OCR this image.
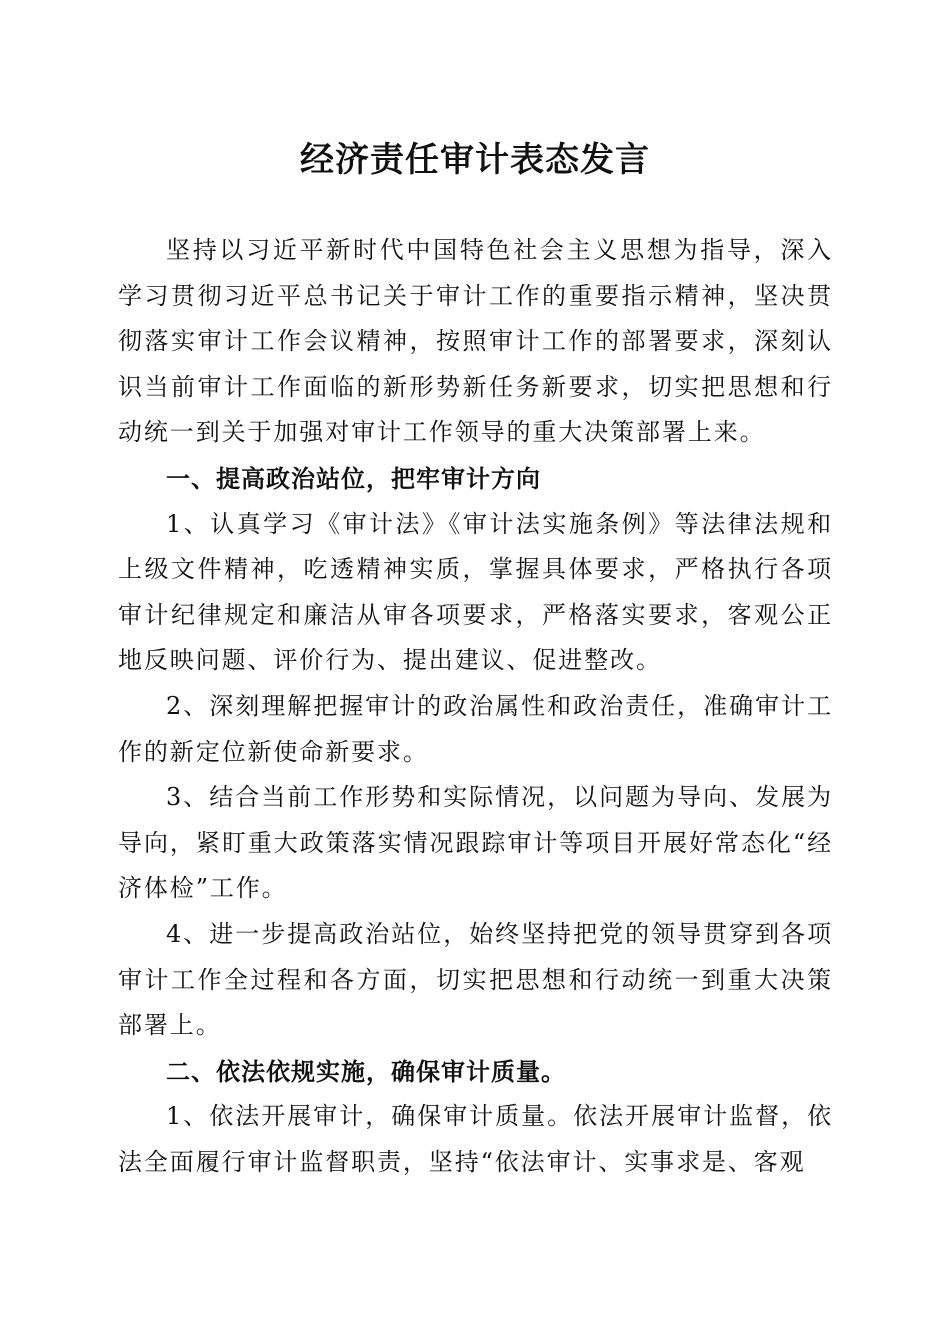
经济责任审计表态发言

坚持以习近平新时代中国特色社会主义思想为指导，深入学习贯彻习近平总书记关于审计工作的重要指示精神，坚决贯彻落实审计工作会议精神，按照审计工作的部署要求，深刻认识当前审计工作面临的新形势新任务新要求，切实把思想和行动统一到关于加强对审计工作领导的重大决策部署上来。

一、提高政治站位，把牢审计方向

1、认真学习《审计法》《审计法实施条例》等法律法规和上级文件精神，吃透精神实质，掌握具体要求，严格执行各项审计纪律规定和廉洁从审各项要求，严格落实要求，客观公正地反映问题、评价行为、提出建议、促进整改。

2、深刻理解把握审计的政治属性和政治责任，准确审计工作的新定位新使命新要求。

3、结合当前工作形势和实际情况，以问题为导向、发展为导向，紧盯重大政策落实情况跟踪审计等项目开展好常态化“经济体检”工作。

4、进一步提高政治站位，始终坚持把党的领导贯穿到各项审计工作全过程和各方面，切实把思想和行动统一到重大决策部署上。

二、依法依规实施，确保审计质量。

1、依法开展审计，确保审计质量。依法开展审计监督，依法全面履行审计监督职责，坚持“依法审计、实事求是、客观
